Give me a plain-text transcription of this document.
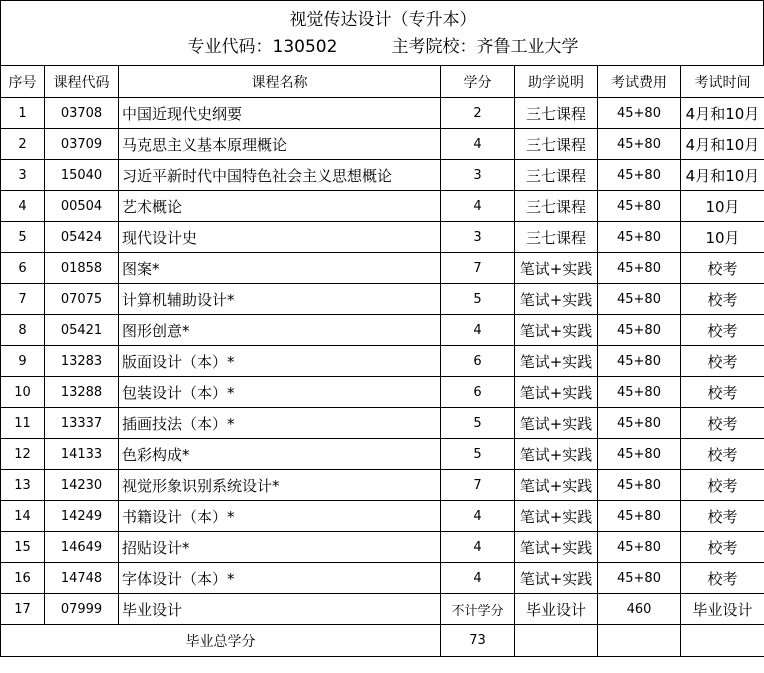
视觉传达设计（专升本）
专业代码：130502	主考院校：齐鲁工业大学
序号	课程代码	课程名称	学分	助学说明	考试费用	考试时间
1	03708	中国近现代史纲要	2	三七课程	45+80	4月和10月
2	03709	马克思主义基本原理概论	4	三七课程	45+80	4月和10月
3	15040	习近平新时代中国特色社会主义思想概论	3	三七课程	45+80	4月和10月
4	00504	艺术概论	4	三七课程	45+80	10月
5	05424	现代设计史	3	三七课程	45+80	10月
6	01858	图案*	7	笔试+实践	45+80	校考
7	07075	计算机辅助设计*	5	笔试+实践	45+80	校考
8	05421	图形创意*	4	笔试+实践	45+80	校考
9	13283	版面设计（本）*	6	笔试+实践	45+80	校考
10	13288	包装设计（本）*	6	笔试+实践	45+80	校考
11	13337	插画技法（本）*	5	笔试+实践	45+80	校考
12	14133	色彩构成*	5	笔试+实践	45+80	校考
13	14230	视觉形象识别系统设计*	7	笔试+实践	45+80	校考
14	14249	书籍设计（本）*	4	笔试+实践	45+80	校考
15	14649	招贴设计*	4	笔试+实践	45+80	校考
16	14748	字体设计（本）*	4	笔试+实践	45+80	校考
17	07999	毕业设计	不计学分	毕业设计	460	毕业设计
毕业总学分			73			
